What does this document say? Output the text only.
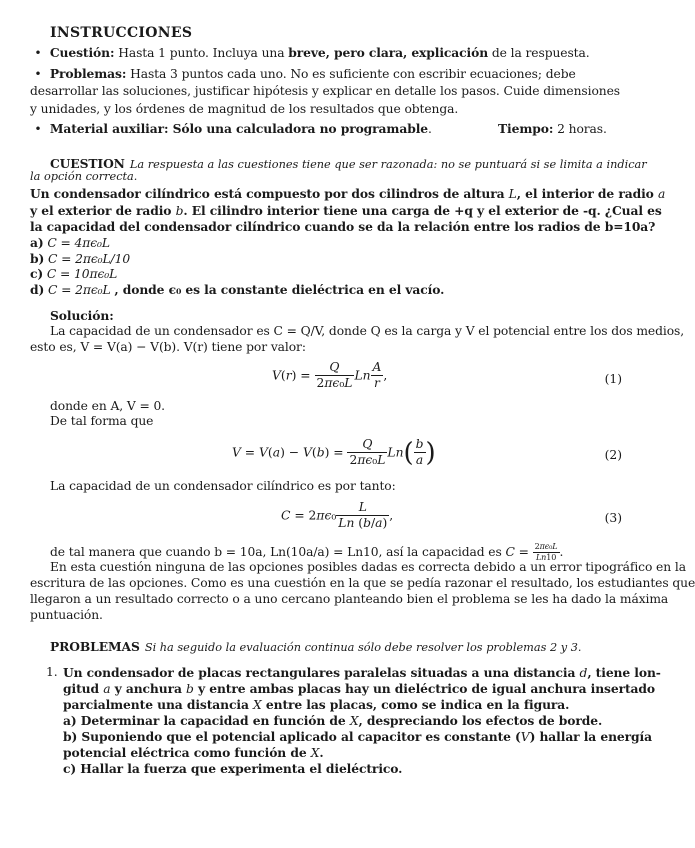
INSTRUCCIONES
• Cuestión: Hasta 1 punto. Incluya una breve, pero clara, explicación de la respuesta.
• Problemas: Hasta 3 puntos cada uno. No es suficiente con escribir ecuaciones; debe
desarrollar las soluciones, justificar hipótesis y explicar en detalle los pasos. Cuide dimensiones
y unidades, y los órdenes de magnitud de los resultados que obtenga.
• Material auxiliar: Sólo una calculadora no programable.	Tiempo: 2 horas.
CUESTION La respuesta a las cuestiones tiene que ser razonada: no se puntuará si se limita a indicar
la opción correcta.
Un condensador cilíndrico está compuesto por dos cilindros de altura L, el interior de radio a
y el exterior de radio b. El cilindro interior tiene una carga de +q y el exterior de -q. ¿Cual es
la capacidad del condensador cilíndrico cuando se da la relación entre los radios de b=10a?
a) C = 4πϵ₀L
b) C = 2πϵ₀L/10
c) C = 10πϵ₀L
d) C = 2πϵ₀L , donde ϵ₀ es la constante dieléctrica en el vacío.
Solución:
La capacidad de un condensador es C = Q/V, donde Q es la carga y V el potencial entre los dos medios,
esto es, V = V(a) − V(b). V(r) tiene por valor:
$V(r) = \frac{Q}{\text{2πϵ₀L}}$ Ln $\frac{A}{r}$ ,	(1)
donde en A, V = 0.
De tal forma que
$V = V(a) - V(b) = \frac{Q}{\text{2πϵ₀L}} Ln( \frac{b}{a}$ )	(2)
La capacidad de un condensador cilíndrico es por tanto:
$C = 2\pi\epsilon_0 \frac{L}{Ln (b/a)}$ ,	(3)
de tal manera que cuando b = 10a, Ln(10a/a) = Ln10, así la capacidad es $C = \frac{\text{2πϵ₀L}}{Ln10}$ .
En esta cuestión ninguna de las opciones posibles dadas es correcta debido a un error tipográfico en la
escritura de las opciones. Como es una cuestión en la que se pedía razonar el resultado, los estudiantes que
llegaron a un resultado correcto o a uno cercano planteando bien el problema se les ha dado la máxima
puntuación.
PROBLEMAS Si ha seguido la evaluación continua sólo debe resolver los problemas 2 y 3.
1. Un condensador de placas rectangulares paralelas situadas a una distancia d, tiene lon-
gitud a y anchura b y entre ambas placas hay un dieléctrico de igual anchura insertado
parcialmente una distancia X entre las placas, como se indica en la figura.
a) Determinar la capacidad en función de X, despreciando los efectos de borde.
b) Suponiendo que el potencial aplicado al capacitor es constante (V) hallar la energía
potencial eléctrica como función de X.
c) Hallar la fuerza que experimenta el dieléctrico.
